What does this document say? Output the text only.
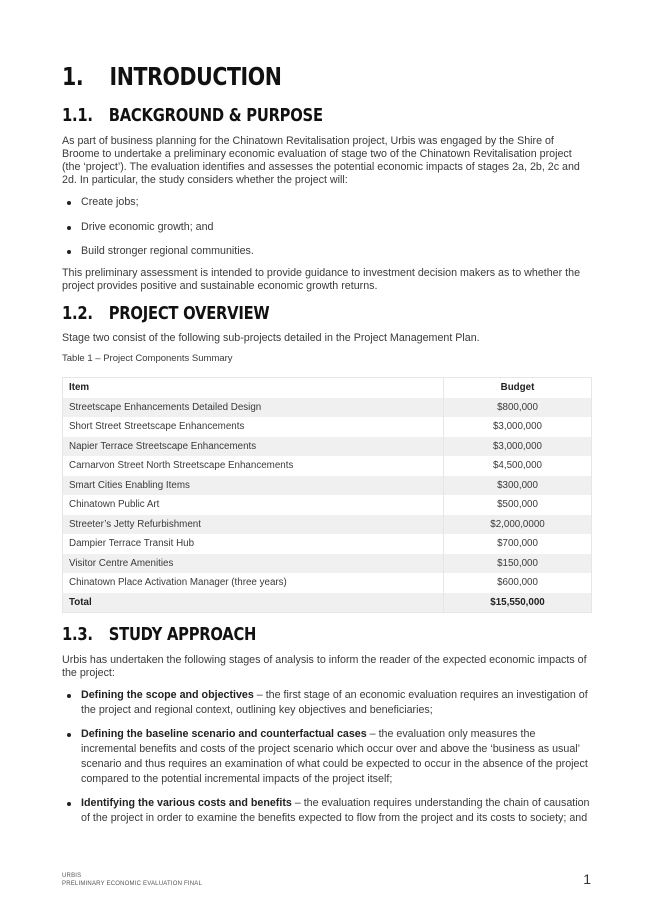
1. INTRODUCTION
1.1. BACKGROUND & PURPOSE

As part of business planning for the Chinatown Revitalisation project, Urbis was engaged by the Shire of Broome to undertake a preliminary economic evaluation of stage two of the Chinatown Revitalisation project (the ‘project’). The evaluation identifies and assesses the potential economic impacts of stages 2a, 2b, 2c and 2d. In particular, the study considers whether the project will:

Create jobs;
Drive economic growth; and
Build stronger regional communities.

This preliminary assessment is intended to provide guidance to investment decision makers as to whether the project provides positive and sustainable economic growth returns.

1.2. PROJECT OVERVIEW

Stage two consist of the following sub-projects detailed in the Project Management Plan.

Table 1 – Project Components Summary
Item	Budget
Streetscape Enhancements Detailed Design	$800,000
Short Street Streetscape Enhancements	$3,000,000
Napier Terrace Streetscape Enhancements	$3,000,000
Carnarvon Street North Streetscape Enhancements	$4,500,000
Smart Cities Enabling Items	$300,000
Chinatown Public Art	$500,000
Streeter’s Jetty Refurbishment	$2,000,0000
Dampier Terrace Transit Hub	$700,000
Visitor Centre Amenities	$150,000
Chinatown Place Activation Manager (three years)	$600,000
Total	$15,550,000
1.3. STUDY APPROACH

Urbis has undertaken the following stages of analysis to inform the reader of the expected economic impacts of the project:

Defining the scope and objectives – the first stage of an economic evaluation requires an investigation of the project and regional context, outlining key objectives and beneficiaries;
Defining the baseline scenario and counterfactual cases – the evaluation only measures the incremental benefits and costs of the project scenario which occur over and above the ‘business as usual’ scenario and thus requires an examination of what could be expected to occur in the absence of the project compared to the potential incremental impacts of the project itself;
Identifying the various costs and benefits – the evaluation requires understanding the chain of causation of the project in order to examine the benefits expected to flow from the project and its costs to society; and
URBIS
PRELIMINARY ECONOMIC EVALUATION FINAL	1
